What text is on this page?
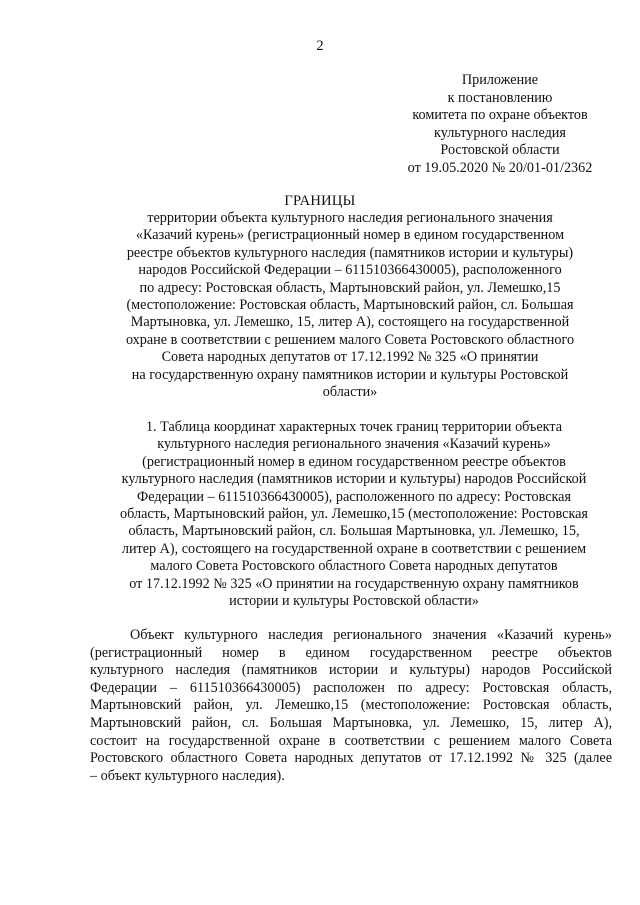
2
Приложение
к постановлению
комитета по охране объектов
культурного наследия
Ростовской области
от 19.05.2020 № 20/01-01/2362
ГРАНИЦЫ
территории объекта культурного наследия регионального значения
«Казачий курень» (регистрационный номер в едином государственном
реестре объектов культурного наследия (памятников истории и культуры)
народов Российской Федерации – 611510366430005), расположенного
по адресу: Ростовская область, Мартыновский район, ул. Лемешко,15
(местоположение: Ростовская область, Мартыновский район, сл. Большая
Мартыновка, ул. Лемешко, 15, литер А), состоящего на государственной
охране в соответствии с решением малого Совета Ростовского областного
Совета народных депутатов от 17.12.1992 № 325 «О принятии
на государственную охрану памятников истории и культуры Ростовской
области»
1. Таблица координат характерных точек границ территории объекта
культурного наследия регионального значения «Казачий курень»
(регистрационный номер в едином государственном реестре объектов
культурного наследия (памятников истории и культуры) народов Российской
Федерации – 611510366430005), расположенного по адресу: Ростовская
область, Мартыновский район, ул. Лемешко,15 (местоположение: Ростовская
область, Мартыновский район, сл. Большая Мартыновка, ул. Лемешко, 15,
литер А), состоящего на государственной охране в соответствии с решением
малого Совета Ростовского областного Совета народных депутатов
от 17.12.1992 № 325 «О принятии на государственную охрану памятников
истории и культуры Ростовской области»
Объект культурного наследия регионального значения «Казачий курень»
(регистрационный номер в едином государственном реестре объектов
культурного наследия (памятников истории и культуры) народов Российской
Федерации – 611510366430005) расположен по адресу: Ростовская область,
Мартыновский район, ул. Лемешко,15 (местоположение: Ростовская область,
Мартыновский район, сл. Большая Мартыновка, ул. Лемешко, 15, литер А),
состоит на государственной охране в соответствии с решением малого Совета
Ростовского областного Совета народных депутатов от 17.12.1992 № 325 (далее
– объект культурного наследия).
